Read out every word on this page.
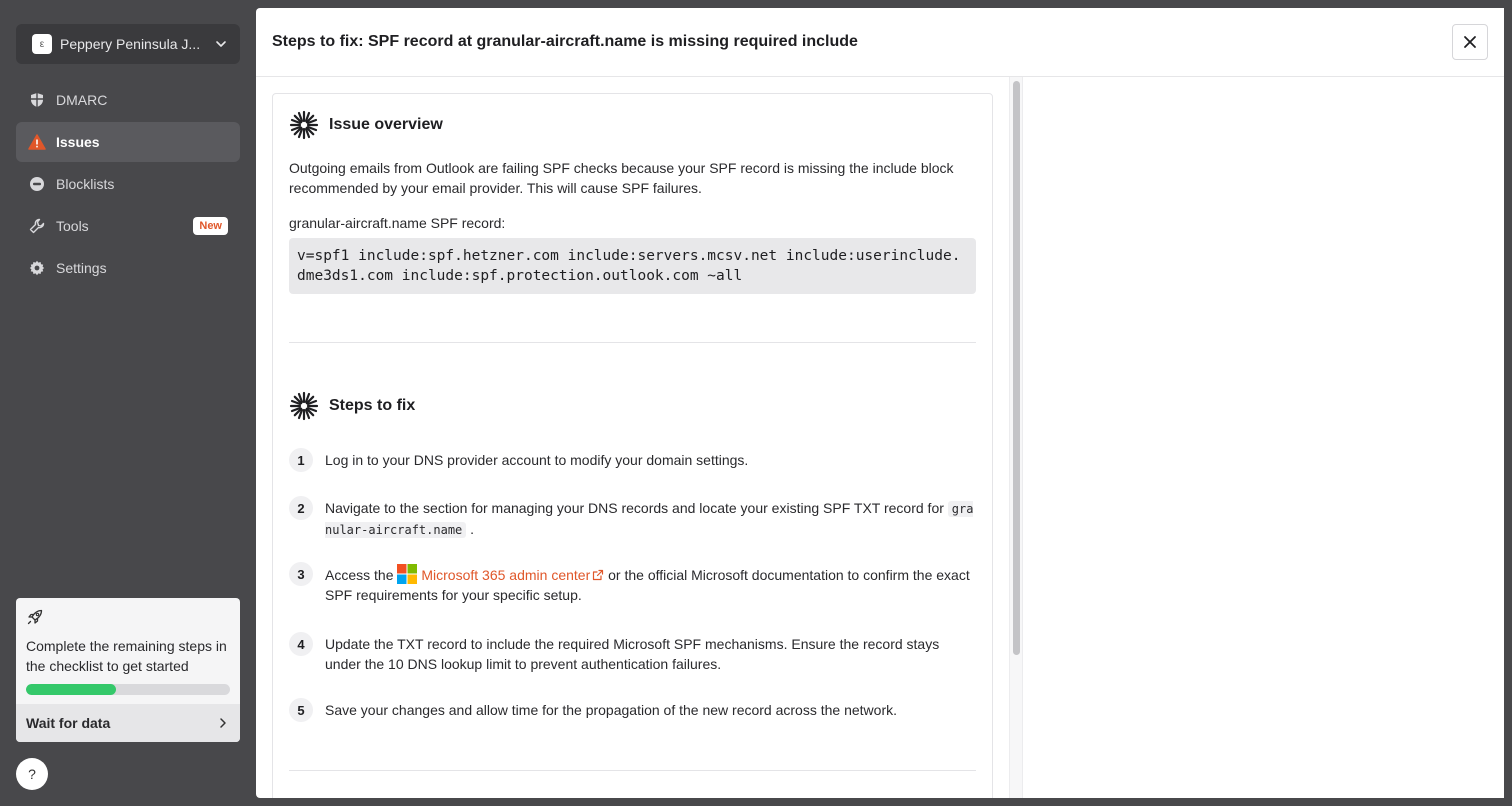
ε	Peppery Peninsula J...
DMARC
Issues
Blocklists
Tools	New
Settings
Complete the remaining steps in the checklist to get started
Wait for data
?
Steps to fix: SPF record at granular-aircraft.name is missing required include
Issue overview

Outgoing emails from Outlook are failing SPF checks because your SPF record is missing the include block recommended by your email provider. This will cause SPF failures.

granular-aircraft.name SPF record:
v=spf1 include:spf.hetzner.com include:servers.mcsv.net include:userinclude.dme3ds1.com include:spf.protection.outlook.com ~all
Steps to fix
1	Log in to your DNS provider account to modify your domain settings.
2	Navigate to the section for managing your DNS records and locate your existing SPF TXT record for granular-aircraft.name .
3	Access the Microsoft 365 admin center or the official Microsoft documentation to confirm the exact SPF requirements for your specific setup.
4	Update the TXT record to include the required Microsoft SPF mechanisms. Ensure the record stays under the 10 DNS lookup limit to prevent authentication failures.
5	Save your changes and allow time for the propagation of the new record across the network.
